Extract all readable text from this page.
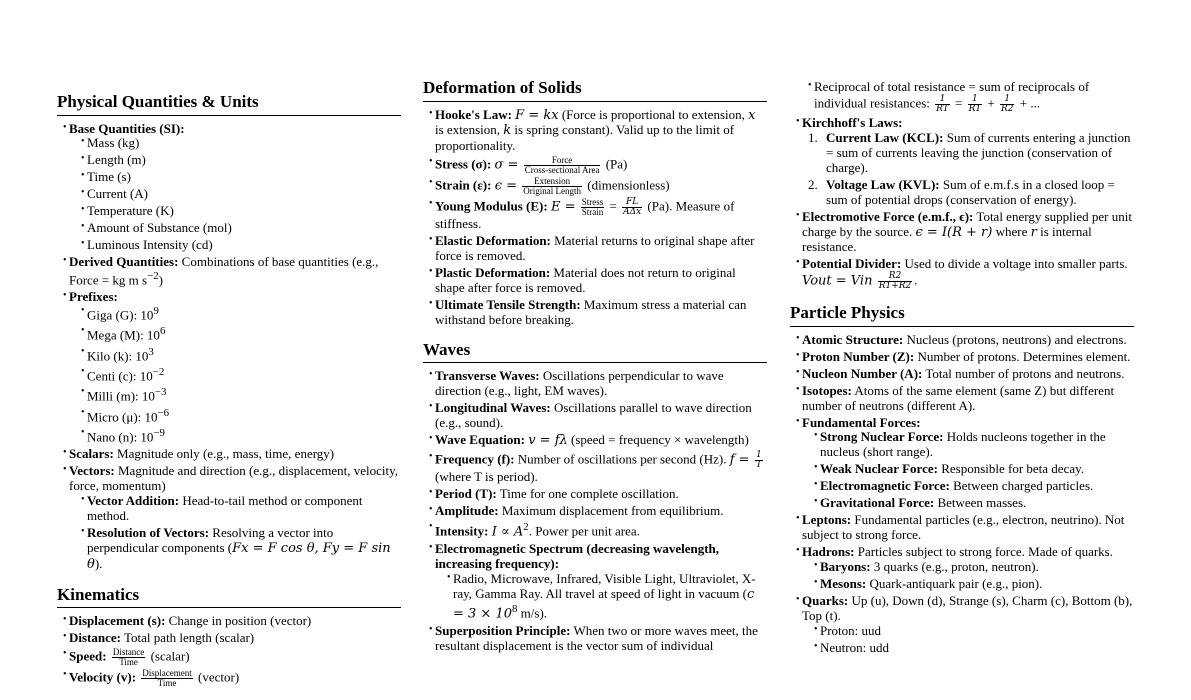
Physical Quantities & Units
• Base Quantities (SI):
• Mass (kg)
• Length (m)
• Time (s)
• Current (A)
• Temperature (K)
• Amount of Substance (mol)
• Luminous Intensity (cd)
• Derived Quantities: Combinations of base quantities (e.g., Force = kg m $s^{-2}$)
• Prefixes:
• Giga (G): $10^9$
• Mega (M): $10^6$
• Kilo (k): $10^3$
• Centi (c): $10^{-2}$
• Milli (m): $10^{-3}$
• Micro (μ): $10^{-6}$
• Nano (n): $10^{-9}$
• Scalars: Magnitude only (e.g., mass, time, energy)
• Vectors: Magnitude and direction (e.g., displacement, velocity, force, momentum)
• Vector Addition: Head-to-tail method or component method.
• Resolution of Vectors: Resolving a vector into perpendicular components (Fx = F cos θ, Fy = F sin θ).
Kinematics
• Displacement (s): Change in position (vector)
• Distance: Total path length (scalar)
• Speed: $\frac{\text{Distance}}{\text{Time}}$ (scalar)
• Velocity (v): $\frac{\text{Displacement}}{\text{Time}}$ (vector)
Deformation of Solids
• Hooke's Law: F = kx (Force is proportional to extension, x is extension, k is spring constant). Valid up to the limit of proportionality.
• Stress (σ): $\sigma = \frac{\text{Force}}{\text{Cross-sectional Area}} (Pa)$
• Strain (ε): $\epsilon = \frac{\text{Extension}}{\text{Original Length}}$ (dimensionless)
• Young Modulus (E): $E = \frac{\text{Stress}}{\text{Strain}} = \frac{FL}{\text{AΔx}} (Pa)$. Measure of stiffness.
• Elastic Deformation: Material returns to original shape after force is removed.
• Plastic Deformation: Material does not return to original shape after force is removed.
• Ultimate Tensile Strength: Maximum stress a material can withstand before breaking.
Waves
• Transverse Waves: Oscillations perpendicular to wave direction (e.g., light, EM waves).
• Longitudinal Waves: Oscillations parallel to wave direction (e.g., sound).
• Wave Equation: v = fλ (speed = frequency × wavelength)
• Frequency (f): Number of oscillations per second (Hz). $f = \frac{1}{T}$
(where T is period).
• Period (T): Time for one complete oscillation.
• Amplitude: Maximum displacement from equilibrium.
• Intensity: $I \propto A^2$. Power per unit area.
• Electromagnetic Spectrum (decreasing wavelength, increasing frequency):
• Radio, Microwave, Infrared, Visible Light, Ultraviolet, X-ray, Gamma Ray. All travel at speed of light in vacuum ($c = 3 \times 10^8$ m/s).
• Superposition Principle: When two or more waves meet, the resultant displacement is the vector sum of individual
• Reciprocal of total resistance = sum of reciprocals of individual resistances: $\frac{1}{RT} = \frac{1}{R1} + \frac{1}{R2}$ + ...
• Kirchhoff's Laws:
1. Current Law (KCL): Sum of currents entering a junction = sum of currents leaving the junction (conservation of charge).
2. Voltage Law (KVL): Sum of e.m.f.s in a closed loop = sum of potential drops (conservation of energy).
• Electromotive Force (e.m.f., ϵ): Total energy supplied per unit charge by the source. ϵ = I(R + r) where r is internal resistance.
• Potential Divider: Used to divide a voltage into smaller parts.
Vout = Vin $\frac{R2}{R1+R2}$ .
Particle Physics
• Atomic Structure: Nucleus (protons, neutrons) and electrons.
• Proton Number (Z): Number of protons. Determines element.
• Nucleon Number (A): Total number of protons and neutrons.
• Isotopes: Atoms of the same element (same Z) but different number of neutrons (different A).
• Fundamental Forces:
• Strong Nuclear Force: Holds nucleons together in the nucleus (short range).
• Weak Nuclear Force: Responsible for beta decay.
• Electromagnetic Force: Between charged particles.
• Gravitational Force: Between masses.
• Leptons: Fundamental particles (e.g., electron, neutrino). Not subject to strong force.
• Hadrons: Particles subject to strong force. Made of quarks.
• Baryons: 3 quarks (e.g., proton, neutron).
• Mesons: Quark-antiquark pair (e.g., pion).
• Quarks: Up (u), Down (d), Strange (s), Charm (c), Bottom (b), Top (t).
• Proton: uud
• Neutron: udd
